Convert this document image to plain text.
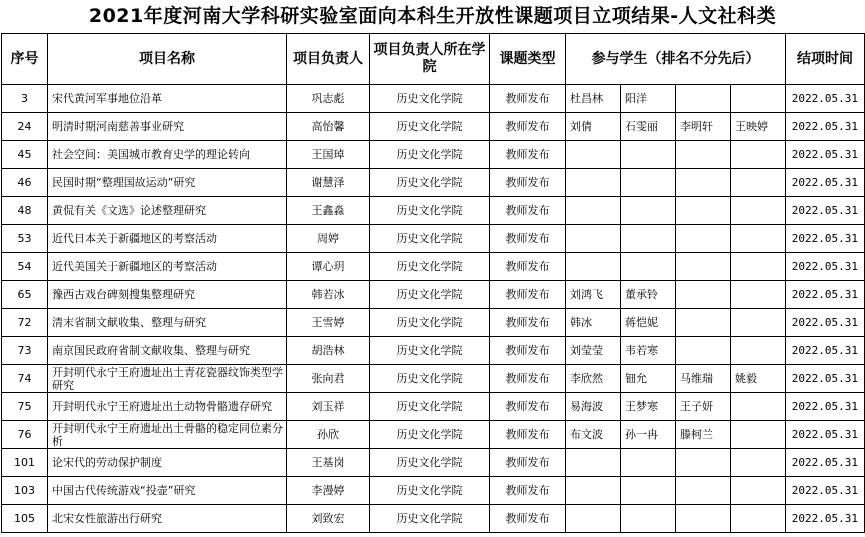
2021年度河南大学科研实验室面向本科生开放性课题项目立项结果-人文社科类
序号	项目名称	项目负责人	项目负责人所在学院	课题类型	参与学生（排名不分先后）				结项时间
3	宋代黄河军事地位沿革	巩志彪	历史文化学院	教师发布	杜昌林	阳洋			2022.05.31
24	明清时期河南慈善事业研究	高怡馨	历史文化学院	教师发布	刘倩	石雯丽	李明轩	王映婷	2022.05.31
45	社会空间：美国城市教育史学的理论转向	王国琸	历史文化学院	教师发布					2022.05.31
46	民国时期“整理国故运动”研究	谢慧泽	历史文化学院	教师发布					2022.05.31
48	黄侃有关《文选》论述整理研究	王鑫淼	历史文化学院	教师发布					2022.05.31
53	近代日本关于新疆地区的考察活动	周婷	历史文化学院	教师发布					2022.05.31
54	近代美国关于新疆地区的考察活动	谭心玥	历史文化学院	教师发布					2022.05.31
65	豫西古戏台碑刻搜集整理研究	韩若冰	历史文化学院	教师发布	刘鸿飞	董承铃			2022.05.31
72	清末省制文献收集、整理与研究	王雪婷	历史文化学院	教师发布	韩冰	蒋恺妮			2022.05.31
73	南京国民政府省制文献收集、整理与研究	胡浩林	历史文化学院	教师发布	刘莹莹	韦若寒			2022.05.31
74	开封明代永宁王府遗址出土青花瓷器纹饰类型学研究	张向君	历史文化学院	教师发布	李欣然	钿允	马维瑞	姚毅	2022.05.31
75	开封明代永宁王府遗址出土动物骨骼遗存研究	刘玉祥	历史文化学院	教师发布	易海波	王梦寒	王子妍		2022.05.31
76	开封明代永宁王府遗址出土骨骼的稳定同位素分析	孙欣	历史文化学院	教师发布	布文波	孙一冉	滕柯兰		2022.05.31
101	论宋代的劳动保护制度	王基岗	历史文化学院	教师发布					2022.05.31
103	中国古代传统游戏“投壶”研究	李漫婷	历史文化学院	教师发布					2022.05.31
105	北宋女性旅游出行研究	刘致宏	历史文化学院	教师发布					2022.05.31
